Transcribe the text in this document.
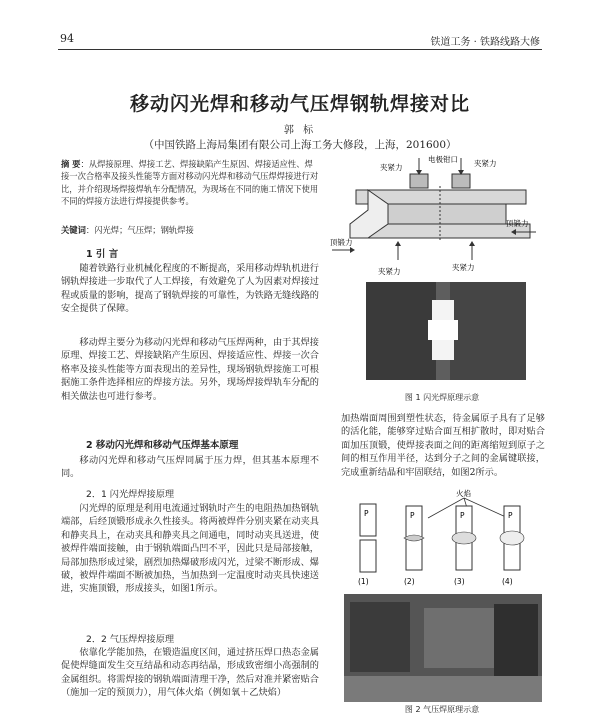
94	铁道工务 · 铁路线路大修
移动闪光焊和移动气压焊钢轨焊接对比
郭 标
（中国铁路上海局集团有限公司上海工务大修段，上海，201600）
摘 要：从焊接原理、焊接工艺、焊接缺陷产生原因、焊接适应性、焊接一次合格率及接头性能等方面对移动闪光焊和移动气压焊焊接进行对比，并介绍现场焊接焊轨车分配情况，为现场在不同的施工情况下使用不同的焊接方法进行焊接提供参考。
关键词：闪光焊；气压焊；钢轨焊接
1 引 言
随着铁路行业机械化程度的不断提高，采用移动焊轨机进行钢轨焊接进一步取代了人工焊接，有效避免了人为因素对焊接过程或质量的影响，提高了钢轨焊接的可靠性，为铁路无缝线路的安全提供了保障。
移动焊主要分为移动闪光焊和移动气压焊两种，由于其焊接原理、焊接工艺、焊接缺陷产生原因、焊接适应性、焊接一次合格率及接头性能等方面表现出的差异性，现场钢轨焊接施工可根据施工条件选择相应的焊接方法。另外，现场焊接焊轨车分配的相关做法也可进行参考。
2 移动闪光焊和移动气压焊基本原理
移动闪光焊和移动气压焊同属于压力焊，但其基本原理不同。
2．1 闪光焊焊接原理
闪光焊的原理是利用电流通过钢轨时产生的电阻热加热钢轨端部，后经顶锻形成永久性接头。将两被焊件分别夹紧在动夹具和静夹具上，在动夹具和静夹具之间通电，同时动夹具送进，使被焊件端面接触，由于钢轨端面凸凹不平，因此只是局部接触，局部加热形成过梁，剧烈加热爆破形成闪光，过梁不断形成、爆破，被焊件端面不断被加热，当加热到一定温度时动夹具快速送进，实施顶锻，形成接头，如图1所示。
2．2 气压焊焊接原理
依靠化学能加热，在锻造温度区间，通过挤压焊口热态金属促使焊缝面发生交互结晶和动态再结晶，形成致密细小高强制的金属组织。将需焊接的钢轨端面清理干净，然后对准并紧密贴合（施加一定的预顶力），用气体火焰（例如氧＋乙炔焰）
夹紧力
电极钳口 夹紧力
顶锻力
顶锻力
夹紧力	夹紧力
图 1 闪光焊原理示意
加热端面周围到塑性状态，待金属原子具有了足够的活化能，能够穿过贴合面互相扩散时，即对贴合面加压顶锻，使焊接表面之间的距离缩短到原子之间的相互作用半径，达到分子之间的金属键联接，完成重新结晶和牢固联结，如图2所示。
火焰
P	P	P	P
(1)	(2)	(3)	(4)
图 2 气压焊原理示意
